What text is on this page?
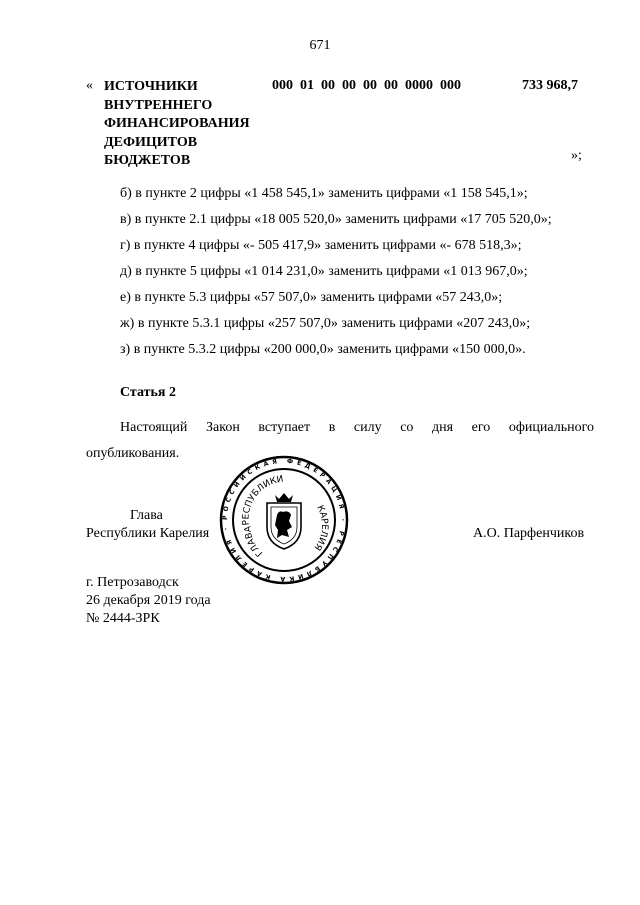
671
« ИСТОЧНИКИ
ВНУТРЕННЕГО
ФИНАНСИРОВАНИЯ
ДЕФИЦИТОВ
БЮДЖЕТОВ
000  01  00  00  00  00  0000  000	733 968,7
»;
б) в пункте 2 цифры «1 458 545,1» заменить цифрами «1 158 545,1»;
в) в пункте 2.1 цифры «18 005 520,0» заменить цифрами «17 705 520,0»;
г) в пункте 4 цифры «- 505 417,9» заменить цифрами «- 678 518,3»;
д) в пункте 5 цифры «1 014 231,0» заменить цифрами «1 013 967,0»;
е) в пункте 5.3 цифры «57 507,0» заменить цифрами «57 243,0»;
ж) в пункте 5.3.1 цифры «257 507,0» заменить цифрами «207 243,0»;
з) в пункте 5.3.2 цифры «200 000,0» заменить цифрами «150 000,0».
Статья 2
Настоящий Закон вступает в силу со дня его официального
опубликования.
Глава
Республики Карелия	А.О. Парфенчиков
РОССИЙСКАЯ ФЕДЕРАЦИЯ · РЕСПУБЛИКА КАРЕЛИЯ ·
РЕСПУБЛИКИ
КАРЕЛИЯ
ГЛАВА
г. Петрозаводск
26 декабря 2019 года
№ 2444-ЗРК
